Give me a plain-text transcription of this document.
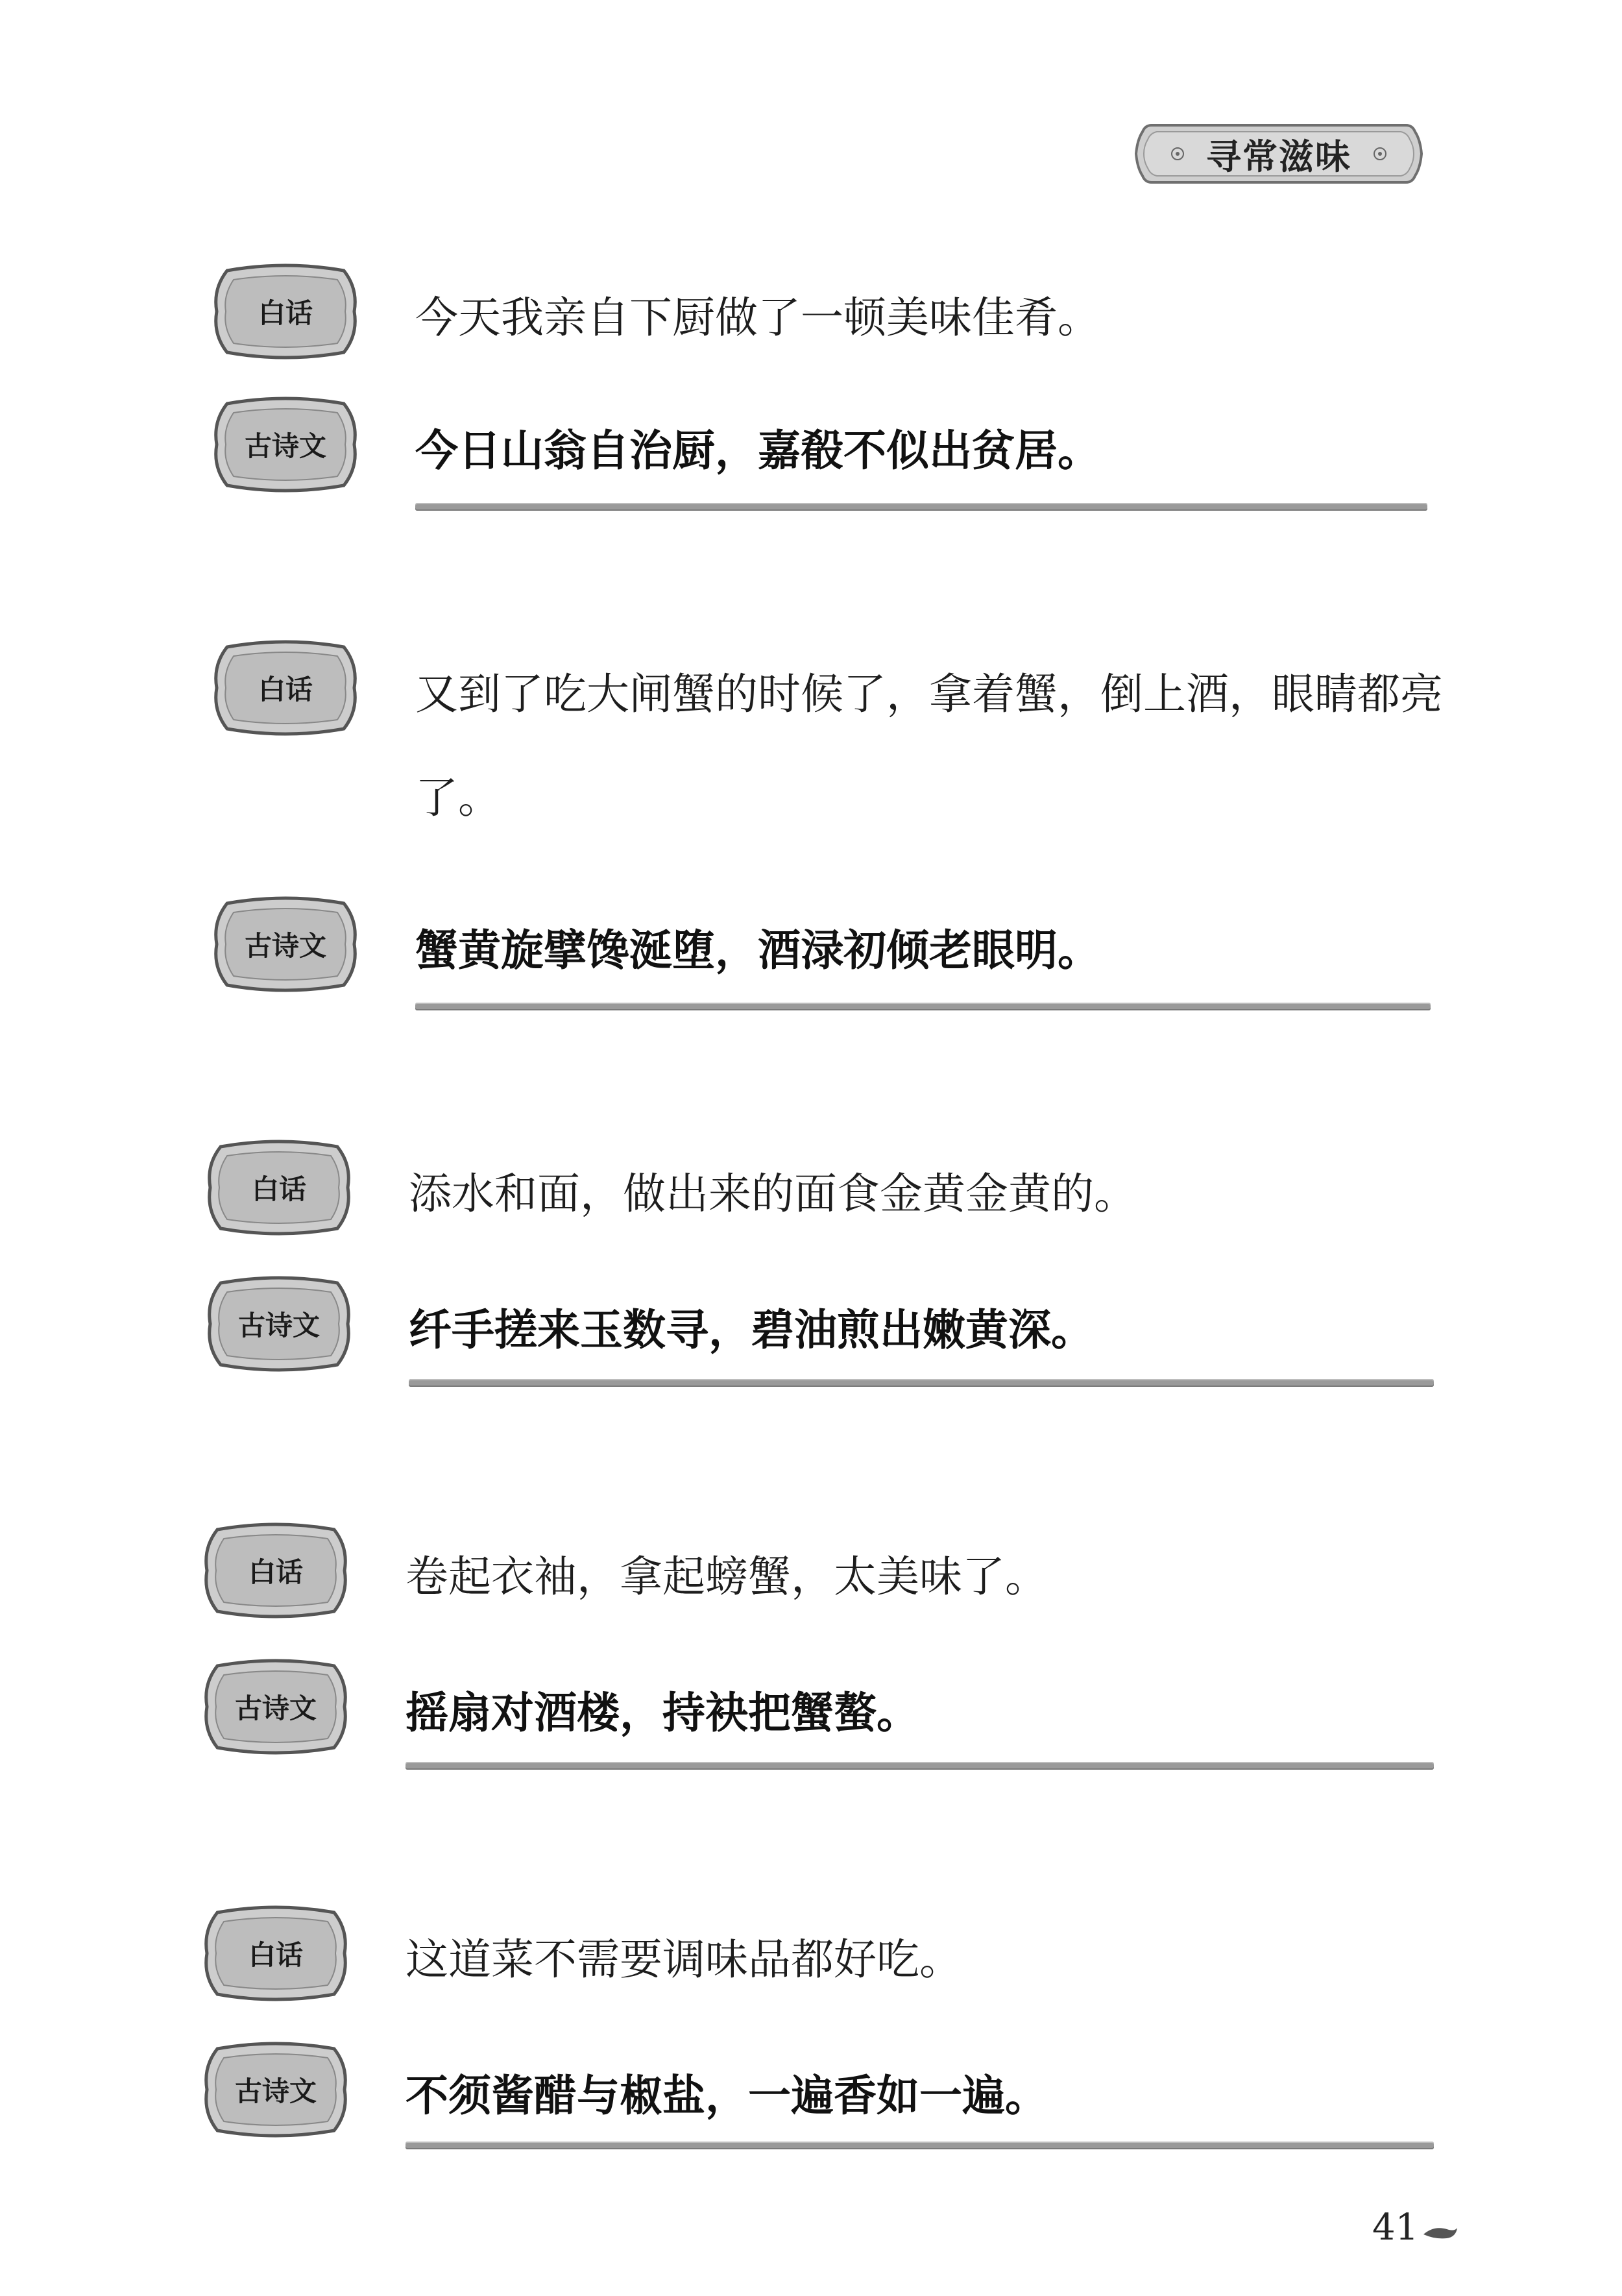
寻常滋味
白话	今天我亲自下厨做了一顿美味佳肴。
古诗文	今日山翁自治厨，嘉殽不似出贫居。
白话	又到了吃大闸蟹的时候了，拿着蟹，倒上酒，眼睛都亮了。
古诗文	蟹黄旋擘馋涎堕，酒渌初倾老眼明。
白话	添水和面，做出来的面食金黄金黄的。
古诗文	纤手搓来玉数寻，碧油煎出嫩黄深。
白话	卷起衣袖，拿起螃蟹，太美味了。
古诗文	摇扇对酒楼，持袂把蟹螯。
白话	这道菜不需要调味品都好吃。
古诗文	不须酱醋与椒盐，一遍香如一遍。
41
